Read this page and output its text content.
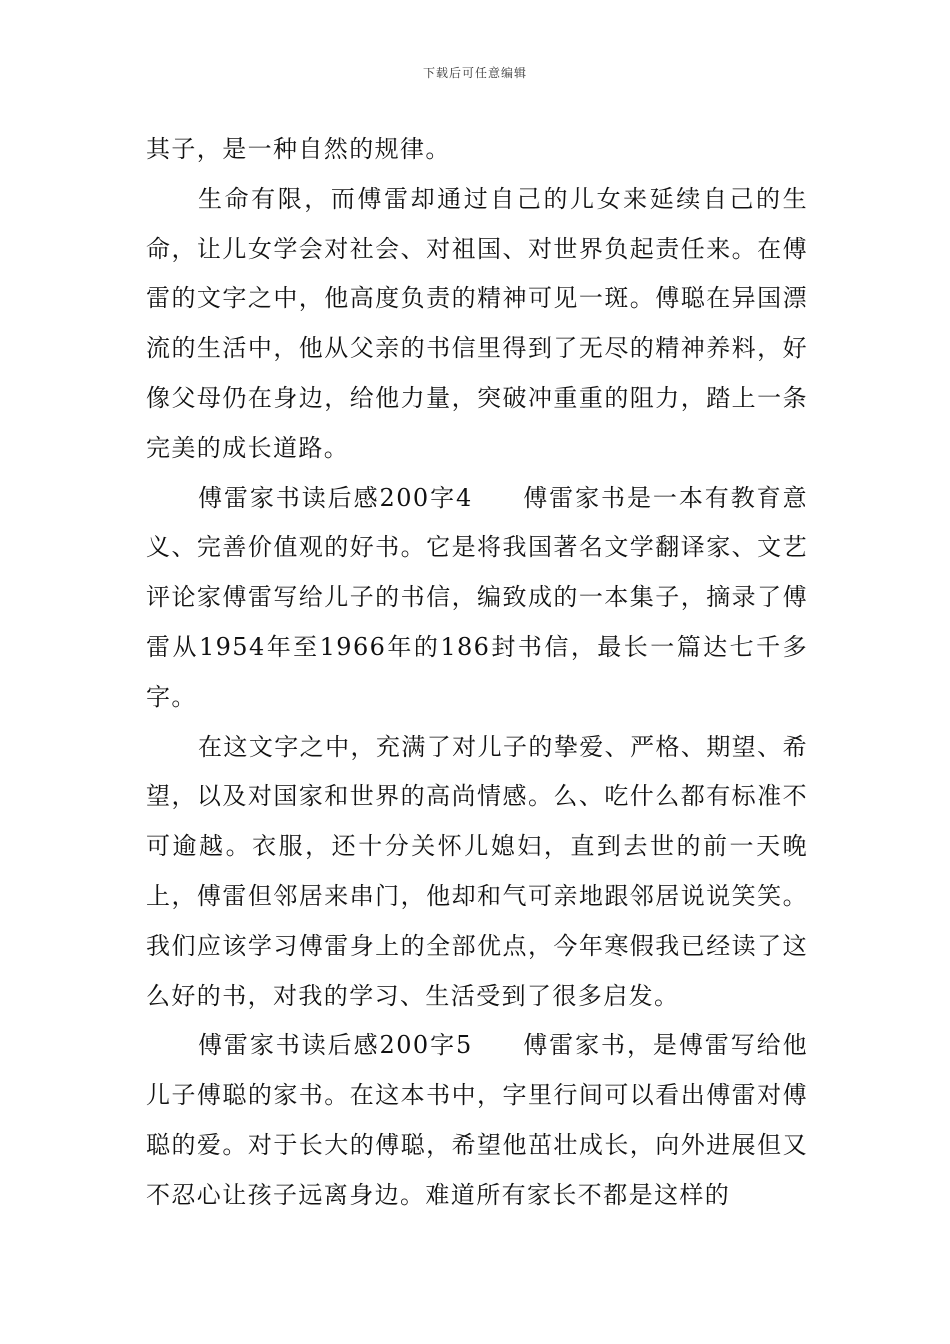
下载后可任意编辑

其子，是一种自然的规律。

生命有限，而傅雷却通过自己的儿女来延续自己的生命，让儿女学会对社会、对祖国、对世界负起责任来。在傅雷的文字之中，他高度负责的精神可见一斑。傅聪在异国漂流的生活中，他从父亲的书信里得到了无尽的精神养料，好像父母仍在身边，给他力量，突破冲重重的阻力，踏上一条完美的成长道路。

傅雷家书读后感200字4 傅雷家书是一本有教育意义、完善价值观的好书。它是将我国著名文学翻译家、文艺评论家傅雷写给儿子的书信，编致成的一本集子，摘录了傅雷从1954年至1966年的186封书信，最长一篇达七千多字。

在这文字之中，充满了对儿子的挚爱、严格、期望、希望，以及对国家和世界的高尚情感。么、吃什么都有标准不可逾越。衣服，还十分关怀儿媳妇，直到去世的前一天晚上，傅雷但邻居来串门，他却和气可亲地跟邻居说说笑笑。我们应该学习傅雷身上的全部优点，今年寒假我已经读了这么好的书，对我的学习、生活受到了很多启发。

傅雷家书读后感200字5 傅雷家书，是傅雷写给他儿子傅聪的家书。在这本书中，字里行间可以看出傅雷对傅聪的爱。对于长大的傅聪，希望他茁壮成长，向外进展但又不忍心让孩子远离身边。难道所有家长不都是这样的
